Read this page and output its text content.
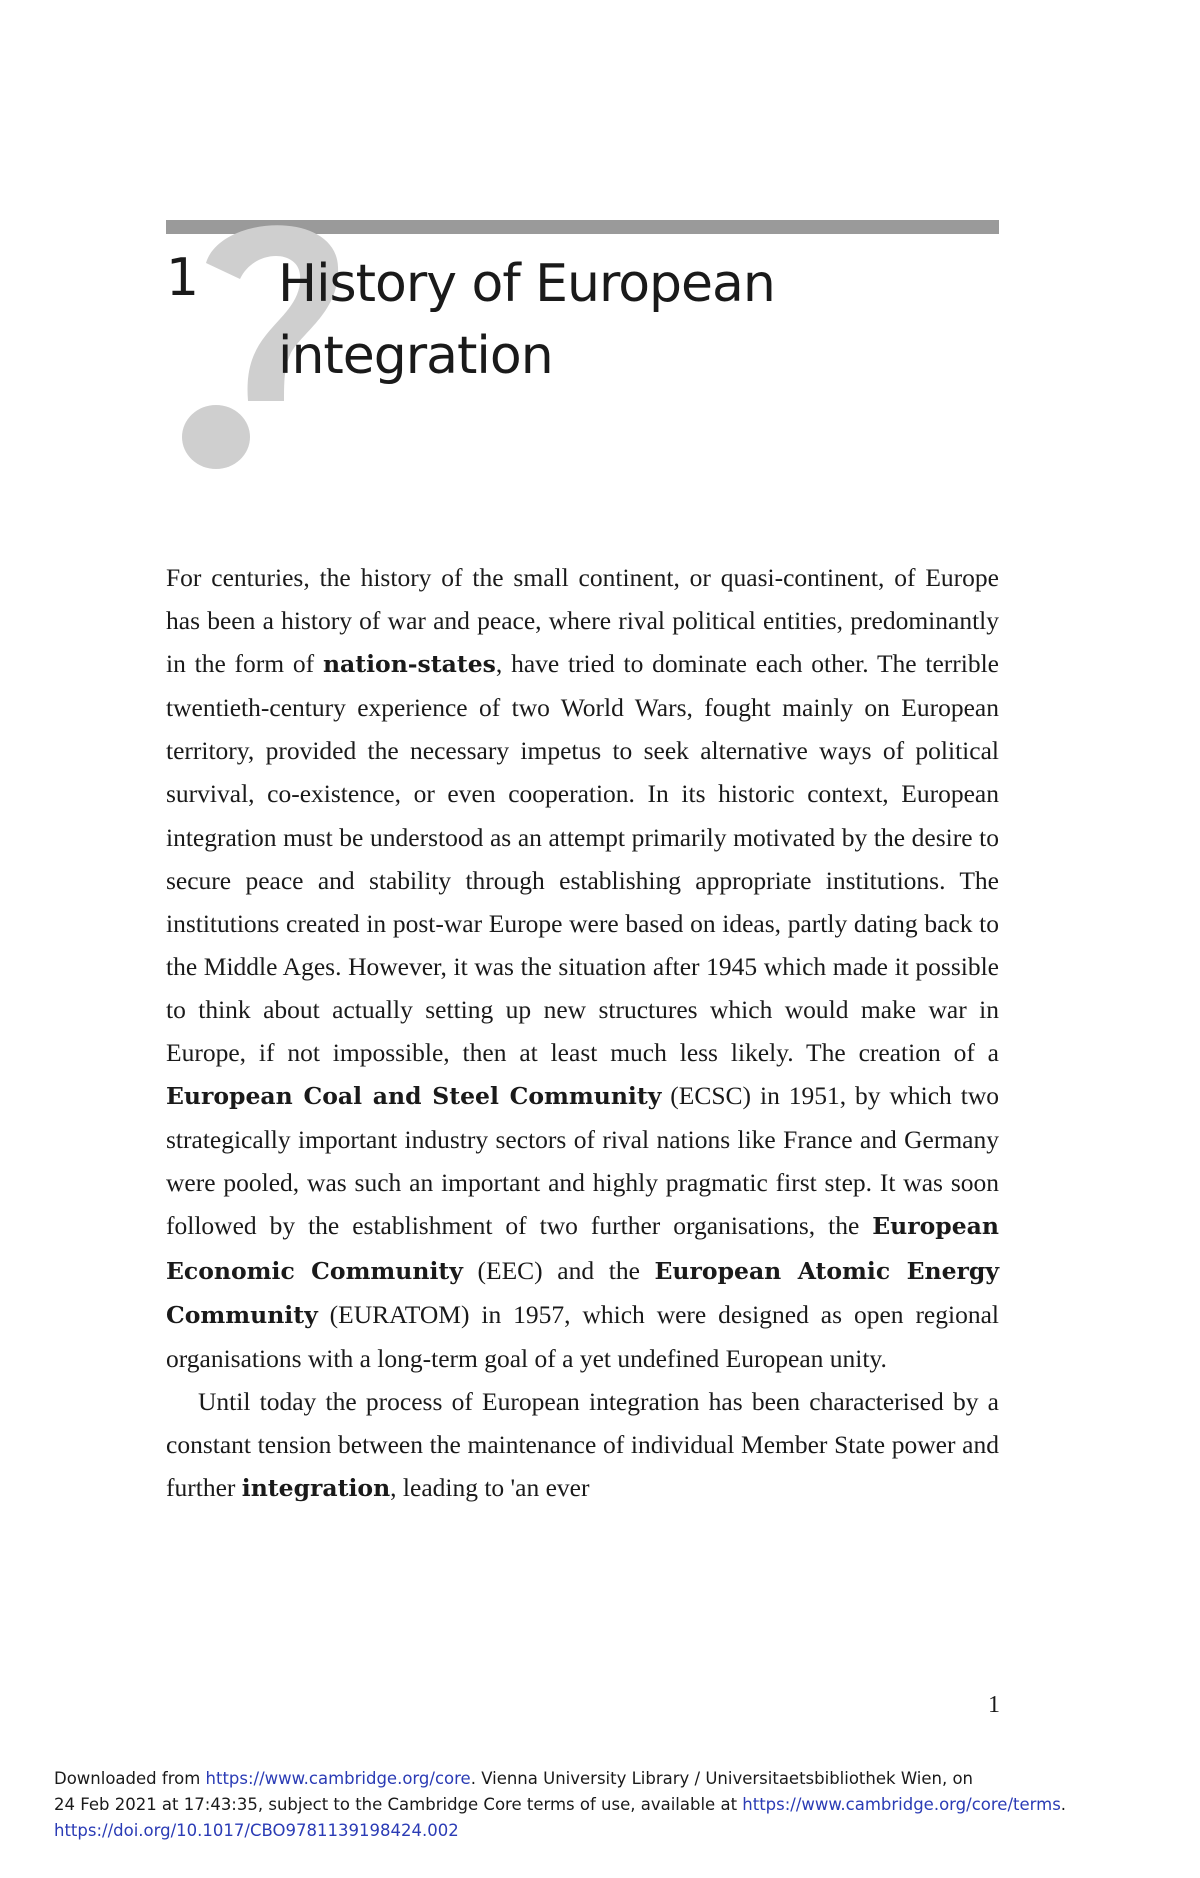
1 History of European
integration

For centuries, the history of the small continent, or quasi-continent, of Europe has been a history of war and peace, where rival political entities, predominantly in the form of nation-states, have tried to dominate each other. The terrible twentieth-century experience of two World Wars, fought mainly on European territory, provided the necessary impetus to seek alternative ways of political survival, co-existence, or even cooperation. In its historic context, European integration must be understood as an attempt primarily motivated by the desire to secure peace and stability through establishing appropriate institutions. The institutions created in post-war Europe were based on ideas, partly dating back to the Middle Ages. However, it was the situation after 1945 which made it possible to think about actually setting up new structures which would make war in Europe, if not impossible, then at least much less likely. The creation of a European Coal and Steel Community (ECSC) in 1951, by which two strategically important industry sectors of rival nations like France and Germany were pooled, was such an important and highly pragmatic first step. It was soon followed by the establishment of two further organisations, the European Economic Community (EEC) and the European Atomic Energy Community (EURATOM) in 1957, which were designed as open regional organisations with a long-term goal of a yet undefined European unity.

Until today the process of European integration has been characterised by a constant tension between the maintenance of individual Member State power and further integration, leading to 'an ever

1
Downloaded from https://www.cambridge.org/core. Vienna University Library / Universitaetsbibliothek Wien, on
24 Feb 2021 at 17:43:35, subject to the Cambridge Core terms of use, available at https://www.cambridge.org/core/terms.
https://doi.org/10.1017/CBO9781139198424.002
